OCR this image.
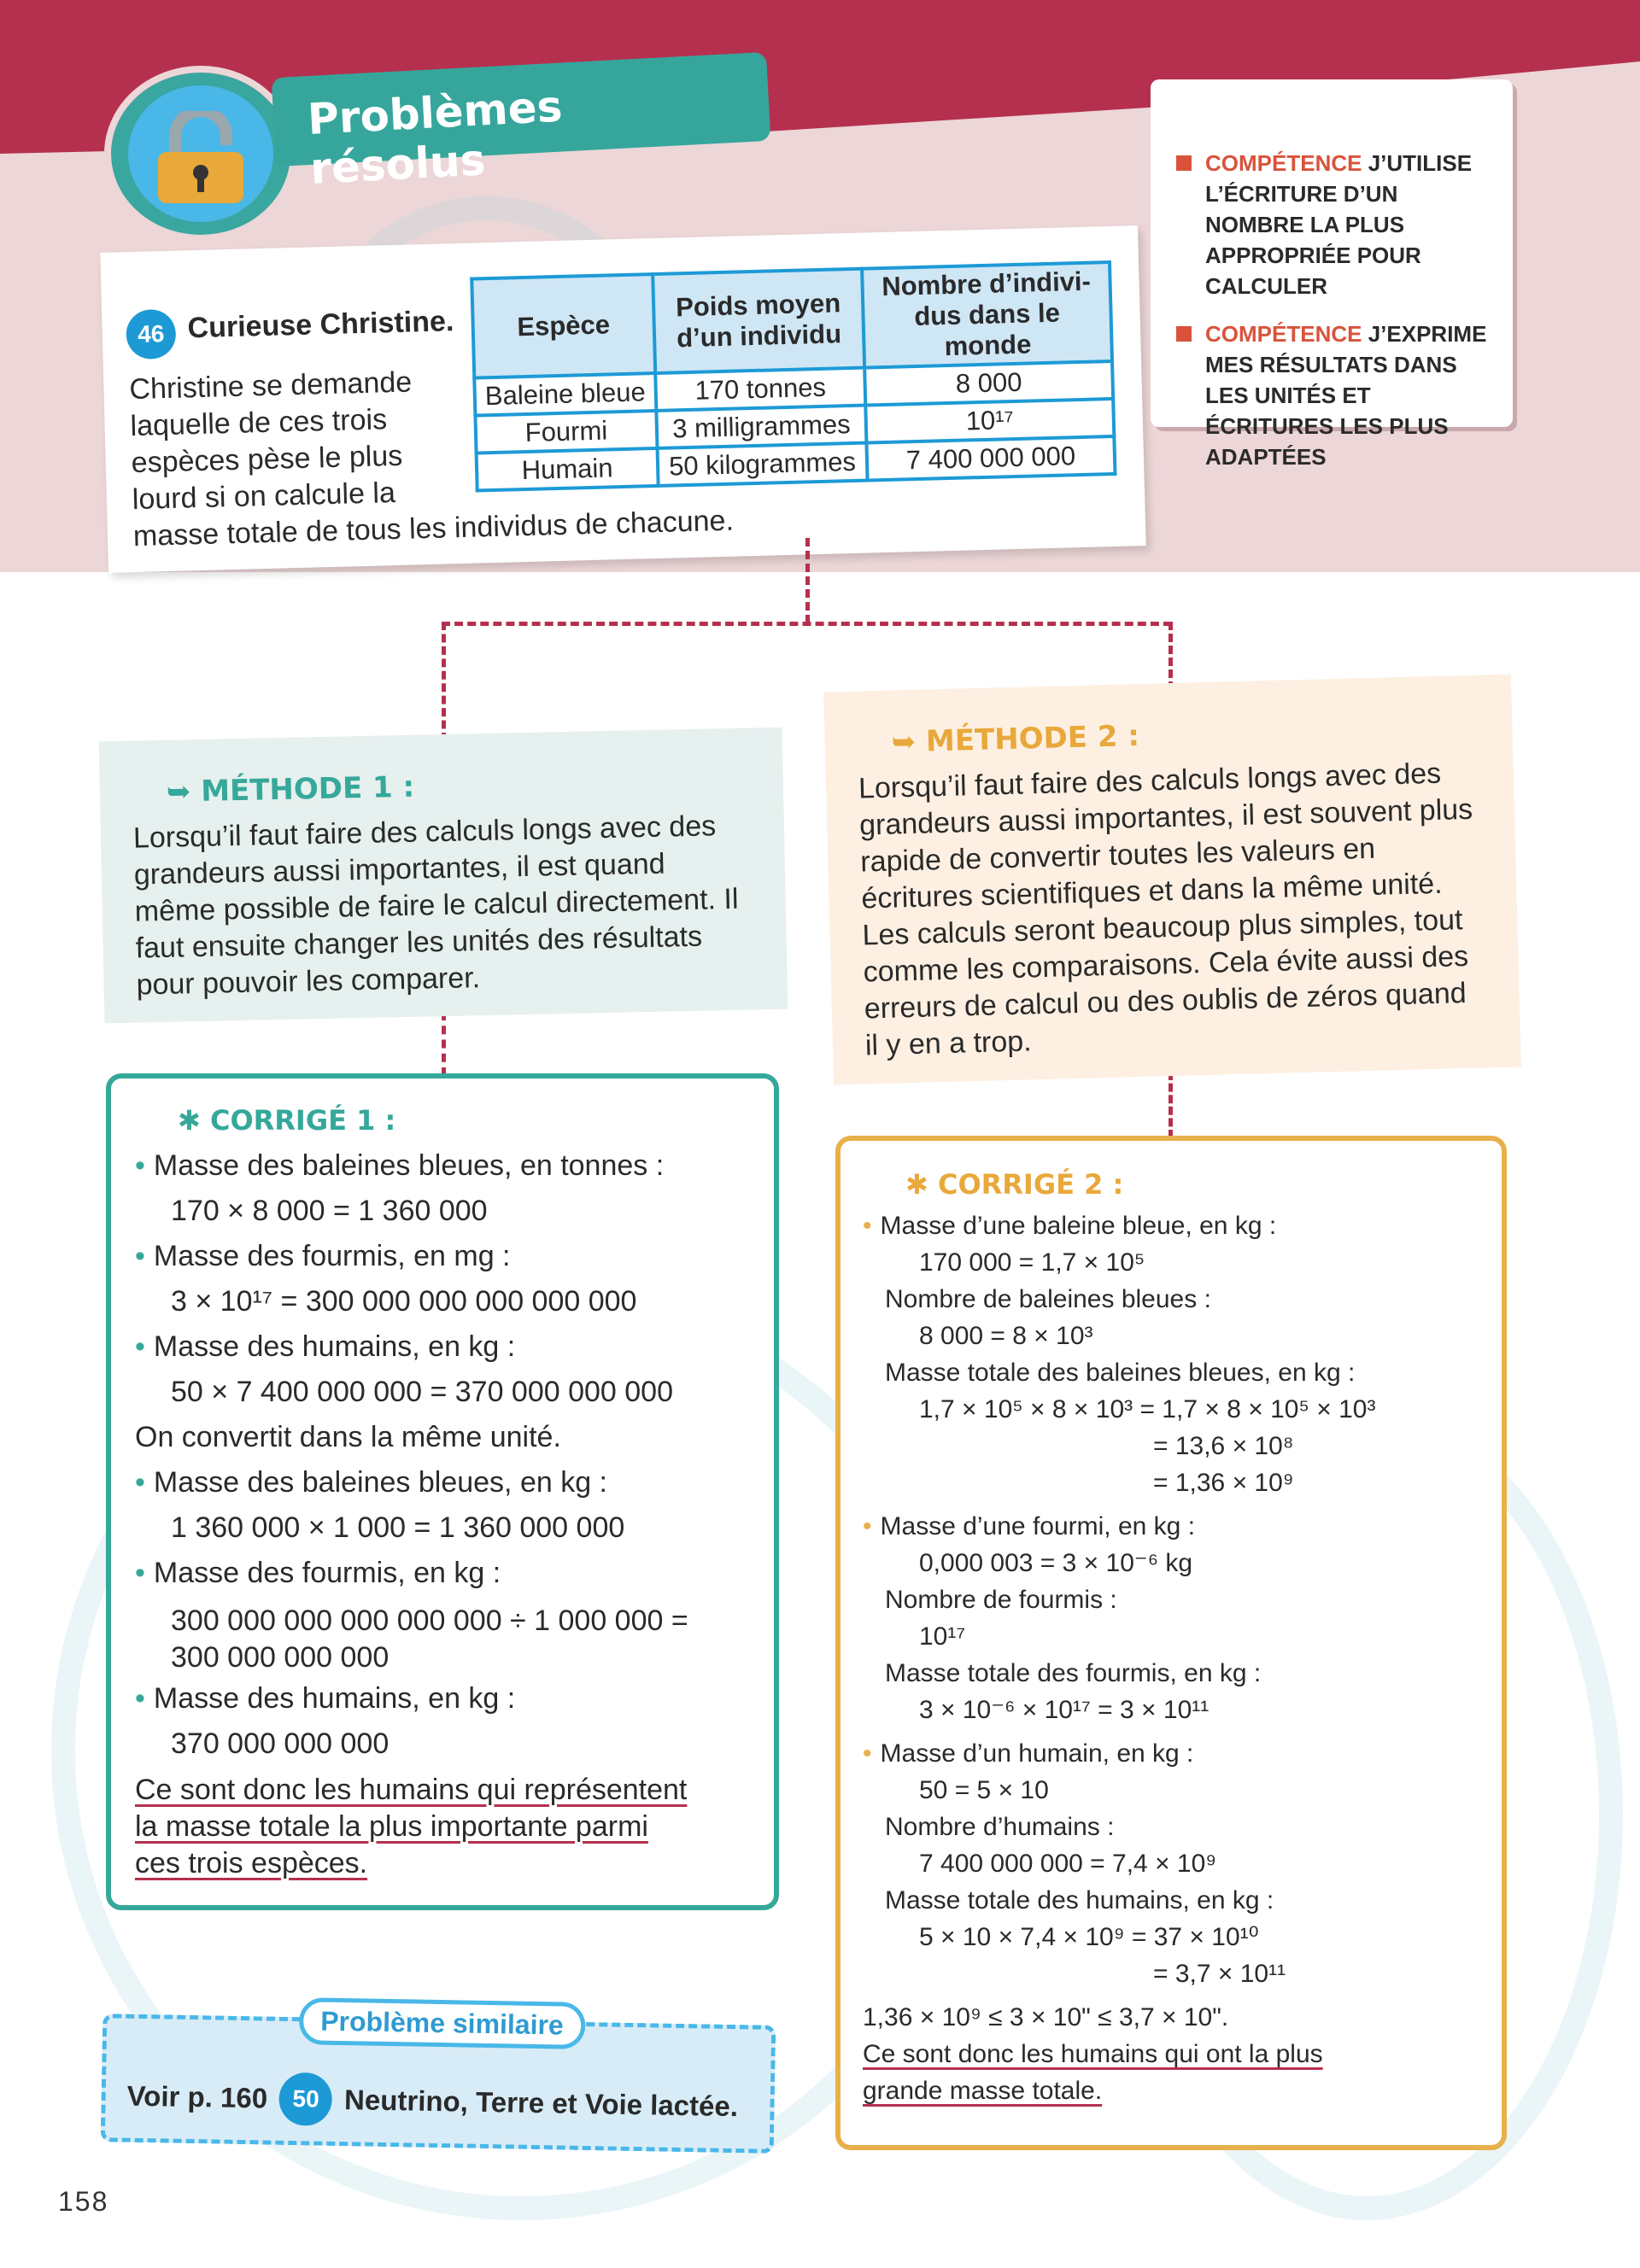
Problèmes résolus
46 Curieuse Christine.
Christine se demande
laquelle de ces trois
espèces pèse le plus
lourd si on calcule la
masse totale de tous les individus de chacune.
Espèce	Poids moyen d’un individu	Nombre d’indivi-dus dans le monde
Baleine bleue	170 tonnes	8 000
Fourmi	3 milligrammes	10¹⁷
Humain	50 kilogrammes	7 400 000 000
COMPÉTENCE J’UTILISE L’ÉCRITURE D’UN NOMBRE LA PLUS APPROPRIÉE POUR CALCULER
COMPÉTENCE J’EXPRIME MES RÉSULTATS DANS LES UNITÉS ET ÉCRITURES LES PLUS ADAPTÉES
➥ MÉTHODE 1 :
Lorsqu’il faut faire des calculs longs avec des grandeurs aussi importantes, il est quand même possible de faire le calcul directement. Il faut ensuite changer les unités des résultats pour pouvoir les comparer.
➥ MÉTHODE 2 :
Lorsqu’il faut faire des calculs longs avec des grandeurs aussi importantes, il est souvent plus rapide de convertir toutes les valeurs en écritures scientifiques et dans la même unité. Les calculs seront beaucoup plus simples, tout comme les comparaisons. Cela évite aussi des erreurs de calcul ou des oublis de zéros quand il y en a trop.
✱ CORRIGÉ 1 :
• Masse des baleines bleues, en tonnes :
170 × 8 000 = 1 360 000
• Masse des fourmis, en mg :
3 × 10¹⁷ = 300 000 000 000 000 000
• Masse des humains, en kg :
50 × 7 400 000 000 = 370 000 000 000
On convertit dans la même unité.
• Masse des baleines bleues, en kg :
1 360 000 × 1 000 = 1 360 000 000
• Masse des fourmis, en kg :
300 000 000 000 000 000 ÷ 1 000 000 =
300 000 000 000
• Masse des humains, en kg :
370 000 000 000
Ce sont donc les humains qui représentent
la masse totale la plus importante parmi
ces trois espèces.
✱ CORRIGÉ 2 :
• Masse d’une baleine bleue, en kg :
170 000 = 1,7 × 10⁵
Nombre de baleines bleues :
8 000 = 8 × 10³
Masse totale des baleines bleues, en kg :
1,7 × 10⁵ × 8 × 10³ = 1,7 × 8 × 10⁵ × 10³
= 13,6 × 10⁸
= 1,36 × 10⁹
• Masse d’une fourmi, en kg :
0,000 003 = 3 × 10⁻⁶ kg
Nombre de fourmis :
10¹⁷
Masse totale des fourmis, en kg :
3 × 10⁻⁶ × 10¹⁷ = 3 × 10¹¹
• Masse d’un humain, en kg :
50 = 5 × 10
Nombre d’humains :
7 400 000 000 = 7,4 × 10⁹
Masse totale des humains, en kg :
5 × 10 × 7,4 × 10⁹ = 37 × 10¹⁰
= 3,7 × 10¹¹
1,36 × 10⁹ ≤ 3 × 10" ≤ 3,7 × 10".
Ce sont donc les humains qui ont la plus
grande masse totale.
Problème similaire
Voir p. 160	50 Neutrino, Terre et Voie lactée.
158
